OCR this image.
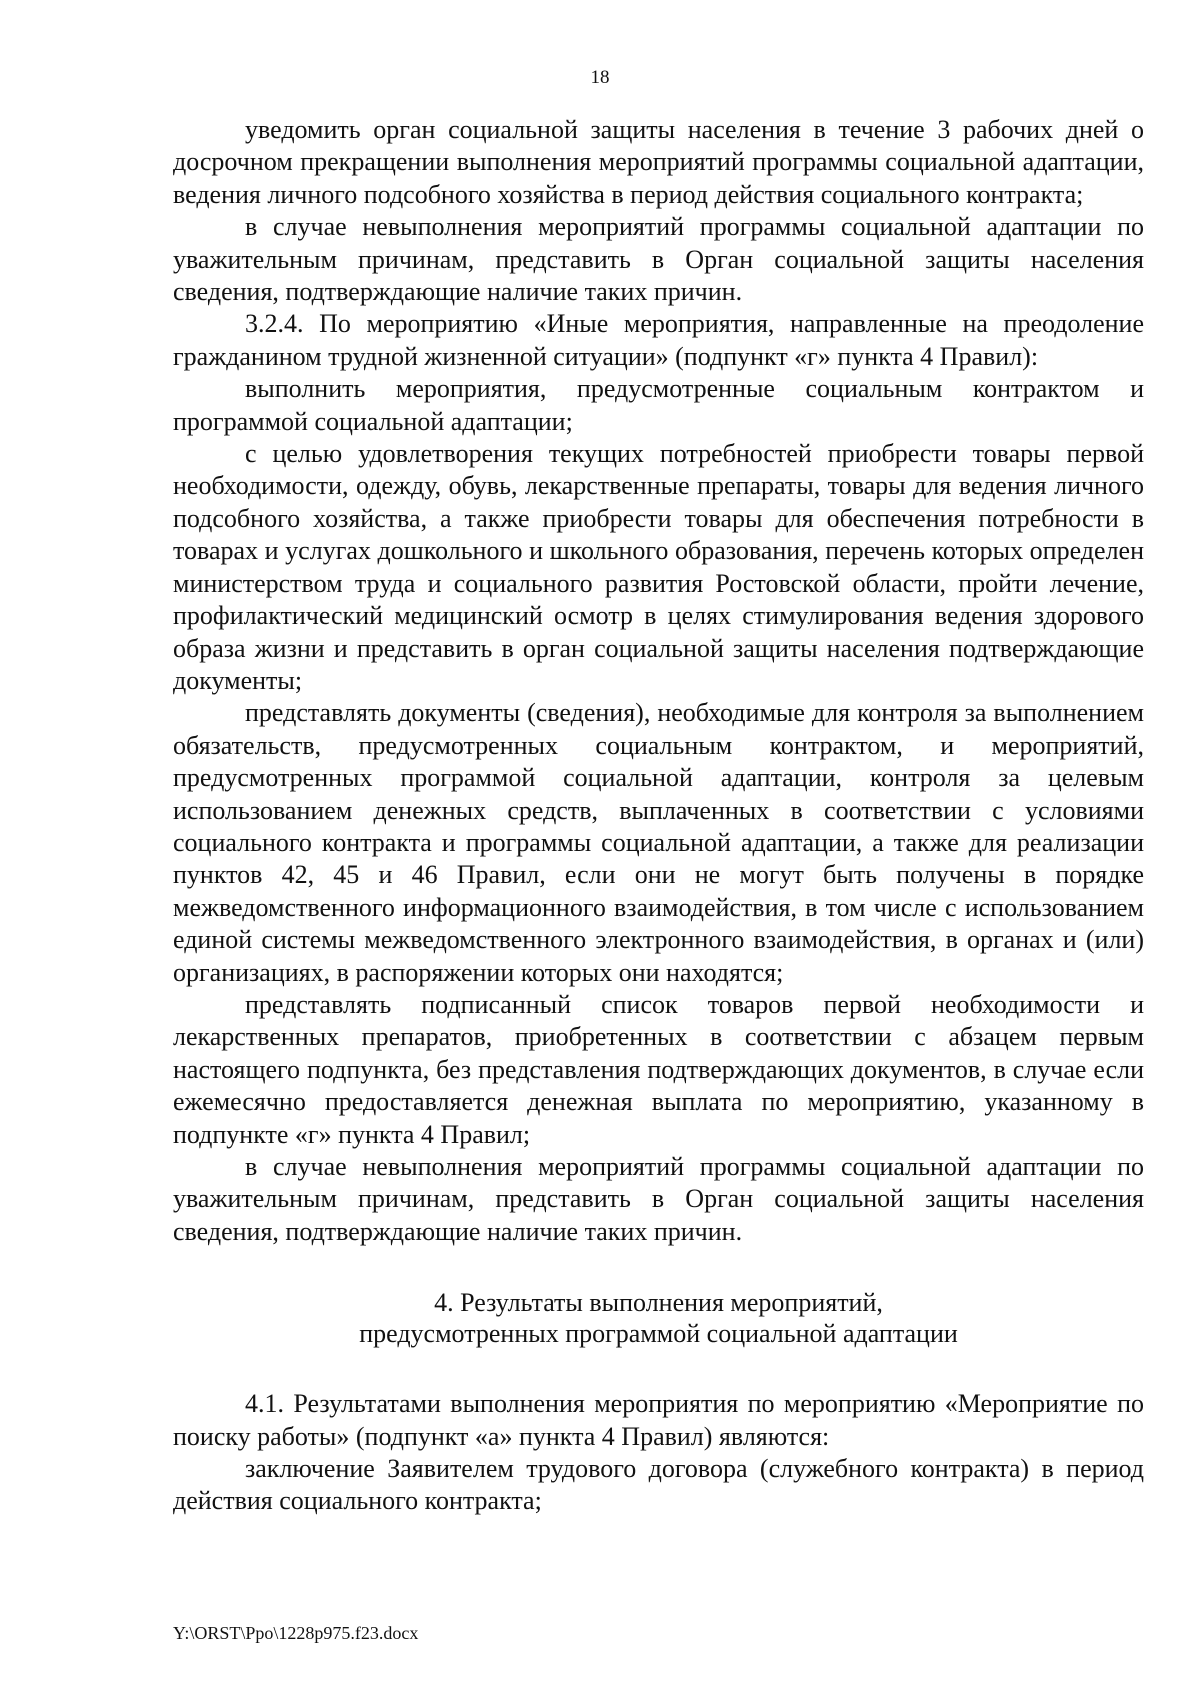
18

уведомить орган социальной защиты населения в течение 3 рабочих дней о досрочном прекращении выполнения мероприятий программы социальной адаптации, ведения личного подсобного хозяйства в период действия социального контракта;

в случае невыполнения мероприятий программы социальной адаптации по уважительным причинам, представить в Орган социальной защиты населения сведения, подтверждающие наличие таких причин.

3.2.4. По мероприятию «Иные мероприятия, направленные на преодоление гражданином трудной жизненной ситуации» (подпункт «г» пункта 4 Правил):

выполнить мероприятия, предусмотренные социальным контрактом и программой социальной адаптации;

с целью удовлетворения текущих потребностей приобрести товары первой необходимости, одежду, обувь, лекарственные препараты, товары для ведения личного подсобного хозяйства, а также приобрести товары для обеспечения потребности в товарах и услугах дошкольного и школьного образования, перечень которых определен министерством труда и социального развития Ростовской области, пройти лечение, профилактический медицинский осмотр в целях стимулирования ведения здорового образа жизни и представить в орган социальной защиты населения подтверждающие документы;

представлять документы (сведения), необходимые для контроля за выполнением обязательств, предусмотренных социальным контрактом, и мероприятий, предусмотренных программой социальной адаптации, контроля за целевым использованием денежных средств, выплаченных в соответствии с условиями социального контракта и программы социальной адаптации, а также для реализации пунктов 42, 45 и 46 Правил, если они не могут быть получены в порядке межведомственного информационного взаимодействия, в том числе с использованием единой системы межведомственного электронного взаимодействия, в органах и (или) организациях, в распоряжении которых они находятся;

представлять подписанный список товаров первой необходимости и лекарственных препаратов, приобретенных в соответствии с абзацем первым настоящего подпункта, без представления подтверждающих документов, в случае если ежемесячно предоставляется денежная выплата по мероприятию, указанному в подпункте «г» пункта 4 Правил;

в случае невыполнения мероприятий программы социальной адаптации по уважительным причинам, представить в Орган социальной защиты населения сведения, подтверждающие наличие таких причин.

4. Результаты выполнения мероприятий,
предусмотренных программой социальной адаптации

4.1. Результатами выполнения мероприятия по мероприятию «Мероприятие по поиску работы» (подпункт «а» пункта 4 Правил) являются:

заключение Заявителем трудового договора (служебного контракта) в период действия социального контракта;

Y:\ORST\Ppo\1228p975.f23.docx
